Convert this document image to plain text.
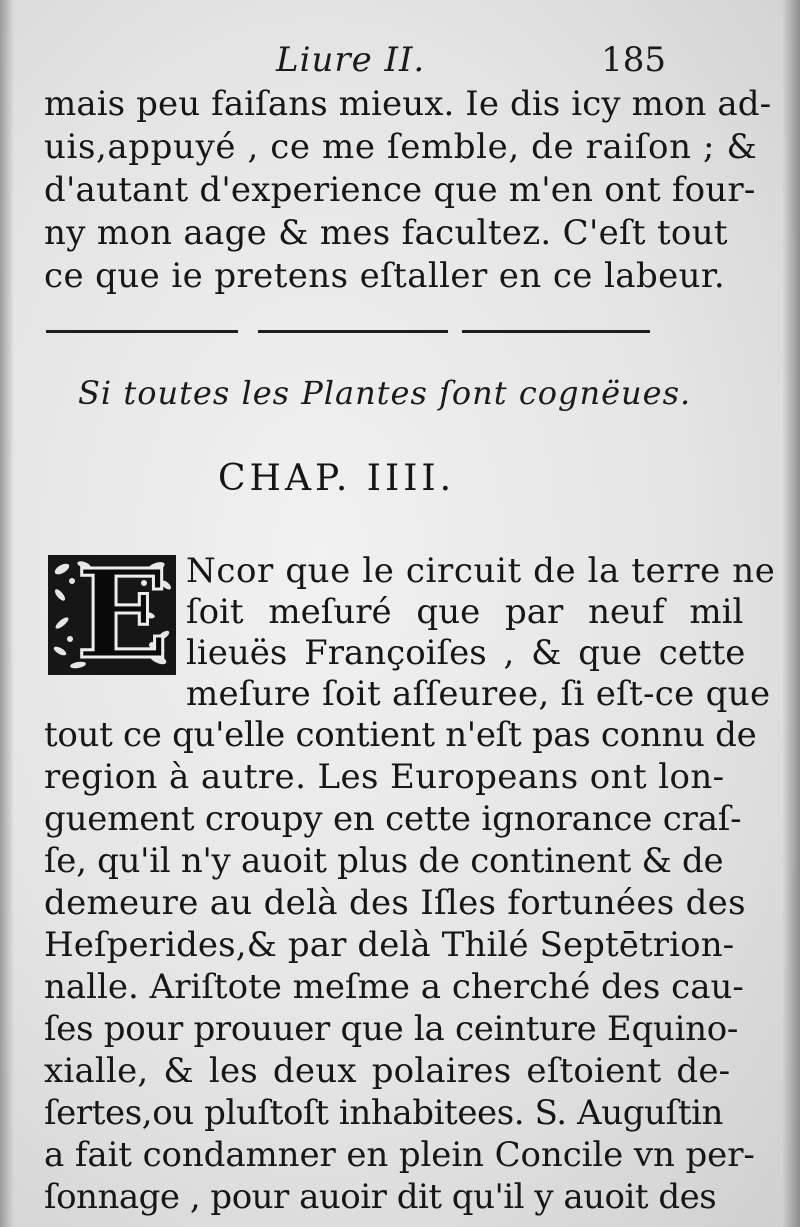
Liure II.	185
mais peu faiſans mieux. Ie dis icy mon ad-
uis,appuyé , ce me ſemble, de raiſon ; &
d'autant d'experience que m'en ont four-
ny mon aage & mes facultez. C'eſt tout
ce que ie pretens eſtaller en ce labeur.
Si toutes les Plantes ſont cognëues.
CHAP. IIII.
E Ncor que le circuit de la terre ne
ſoit meſuré que par neuf mil
lieuës Françoiſes , & que cette
meſure ſoit aſſeuree, ſi eſt-ce que
tout ce qu'elle contient n'eſt pas connu de
region à autre. Les Europeans ont lon-
guement croupy en cette ignorance craſ-
ſe, qu'il n'y auoit plus de continent & de
demeure au delà des Iſles fortunées des
Heſperides,& par delà Thilé Septētrion-
nalle. Ariſtote meſme a cherché des cau-
ſes pour prouuer que la ceinture Equino-
xialle, & les deux polaires eſtoient de-
ſertes,ou pluſtoſt inhabitees. S. Auguſtin
a fait condamner en plein Concile vn per-
ſonnage , pour auoir dit qu'il y auoit des
